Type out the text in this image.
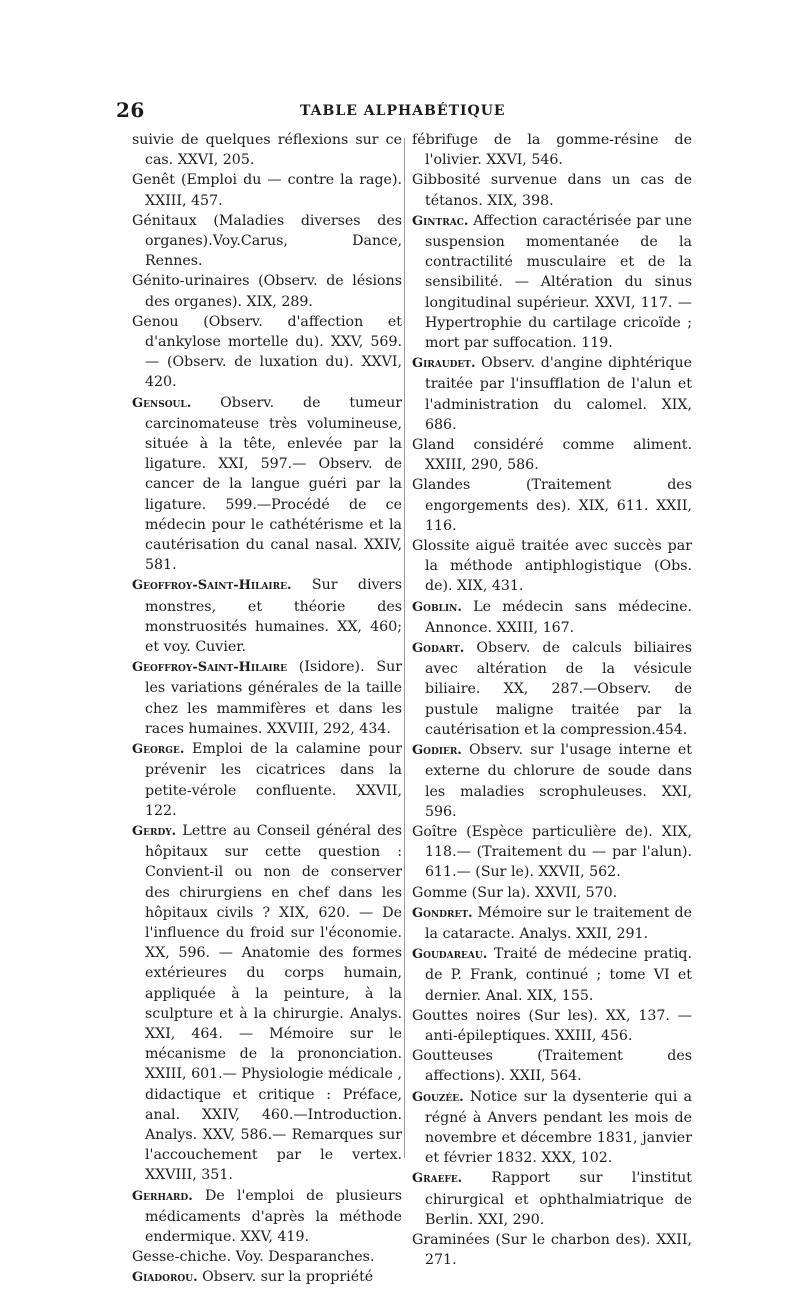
26	TABLE ALPHABÉTIQUE

suivie de quelques réflexions sur ce cas. XXVI, 205.

Genêt (Emploi du — contre la rage). XXIII, 457.

Génitaux (Maladies diverses des organes).Voy.Carus, Dance, Rennes.

Génito-urinaires (Observ. de lésions des organes). XIX, 289.

Genou (Observ. d'affection et d'ankylose mortelle du). XXV, 569. — (Observ. de luxation du). XXVI, 420.

Gensoul. Observ. de tumeur carcinomateuse très volumineuse, située à la tête, enlevée par la ligature. XXI, 597.— Observ. de cancer de la langue guéri par la ligature. 599.—Procédé de ce médecin pour le cathétérisme et la cautérisation du canal nasal. XXIV, 581.

Geoffroy-Saint-Hilaire. Sur divers monstres, et théorie des monstruosités humaines. XX, 460; et voy. Cuvier.

Geoffroy-Saint-Hilaire (Isidore). Sur les variations générales de la taille chez les mammifères et dans les races humaines. XXVIII, 292, 434.

George. Emploi de la calamine pour prévenir les cicatrices dans la petite-vérole confluente. XXVII, 122.

Gerdy. Lettre au Conseil général des hôpitaux sur cette question : Convient-il ou non de conserver des chirurgiens en chef dans les hôpitaux civils ? XIX, 620. — De l'influence du froid sur l'économie. XX, 596. — Anatomie des formes extérieures du corps humain, appliquée à la peinture, à la sculpture et à la chirurgie. Analys. XXI, 464. — Mémoire sur le mécanisme de la prononciation. XXIII, 601.— Physiologie médicale , didactique et critique : Préface, anal. XXIV, 460.—Introduction. Analys. XXV, 586.— Remarques sur l'accouchement par le vertex. XXVIII, 351.

Gerhard. De l'emploi de plusieurs médicaments d'après la méthode endermique. XXV, 419.

Gesse-chiche. Voy. Desparanches.

Giadorou. Observ. sur la propriété

fébrifuge de la gomme-résine de l'olivier. XXVI, 546.

Gibbosité survenue dans un cas de tétanos. XIX, 398.

Gintrac. Affection caractérisée par une suspension momentanée de la contractilité musculaire et de la sensibilité. — Altération du sinus longitudinal supérieur. XXVI, 117. — Hypertrophie du cartilage cricoïde ; mort par suffocation. 119.

Giraudet. Observ. d'angine diphtérique traitée par l'insufflation de l'alun et l'administration du calomel. XIX, 686.

Gland considéré comme aliment. XXIII, 290, 586.

Glandes (Traitement des engorgements des). XIX, 611. XXII, 116.

Glossite aiguë traitée avec succès par la méthode antiphlogistique (Obs. de). XIX, 431.

Goblin. Le médecin sans médecine. Annonce. XXIII, 167.

Godart. Observ. de calculs biliaires avec altération de la vésicule biliaire. XX, 287.—Observ. de pustule maligne traitée par la cautérisation et la compression.454.

Godier. Observ. sur l'usage interne et externe du chlorure de soude dans les maladies scrophuleuses. XXI, 596.

Goître (Espèce particulière de). XIX, 118.— (Traitement du — par l'alun). 611.— (Sur le). XXVII, 562.

Gomme (Sur la). XXVII, 570.

Gondret. Mémoire sur le traitement de la cataracte. Analys. XXII, 291.

Goudareau. Traité de médecine pratiq. de P. Frank, continué ; tome VI et dernier. Anal. XIX, 155.

Gouttes noires (Sur les). XX, 137. — anti-épileptiques. XXIII, 456.

Goutteuses (Traitement des affections). XXII, 564.

Gouzée. Notice sur la dysenterie qui a régné à Anvers pendant les mois de novembre et décembre 1831, janvier et février 1832. XXX, 102.

Graefe. Rapport sur l'institut chirurgical et ophthalmiatrique de Berlin. XXI, 290.

Graminées (Sur le charbon des). XXII, 271.
